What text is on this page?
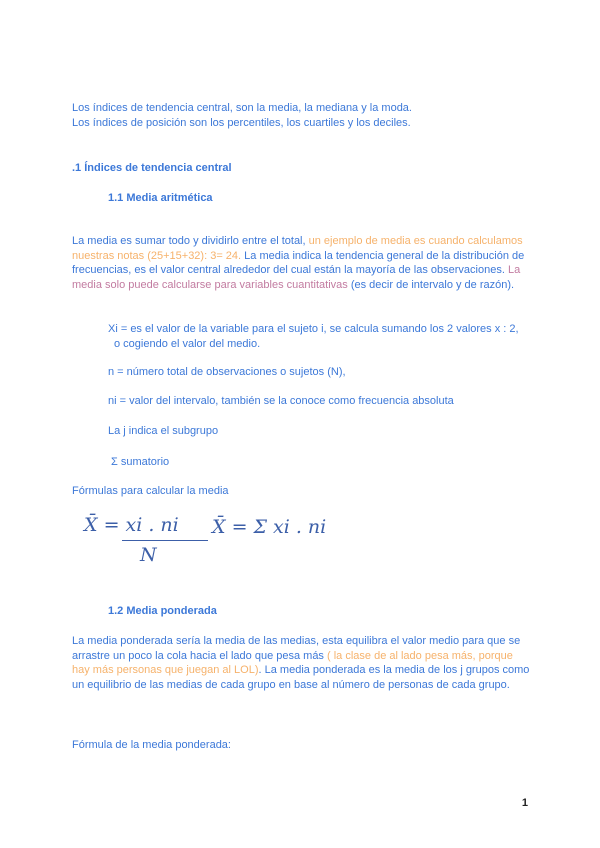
Los índices de tendencia central, son la media, la mediana y la moda.

Los índices de posición son los percentiles, los cuartiles y los deciles.

.1 Índices de tendencia central

1.1 Media aritmética

La media es sumar todo y dividirlo entre el total, un ejemplo de media es cuando calculamos nuestras notas (25+15+32): 3= 24. La media indica la tendencia general de la distribución de frecuencias, es el valor central alrededor del cual están la mayoría de las observaciones. La media solo puede calcularse para variables cuantitativas (es decir de intervalo y de razón).

Xi = es el valor de la variable para el sujeto i, se calcula sumando los 2 valores x : 2,

o cogiendo el valor del medio.

n = número total de observaciones o sujetos (N),

ni = valor del intervalo, también se la conoce como frecuencia absoluta

La j indica el subgrupo

Σ sumatorio

Fórmulas para calcular la media

X̄ = xi . ni
N
X̄ = Σ xi . ni

1.2 Media ponderada

La media ponderada sería la media de las medias, esta equilibra el valor medio para que se arrastre un poco la cola hacia el lado que pesa más ( la clase de al lado pesa más, porque hay más personas que juegan al LOL). La media ponderada es la media de los j grupos como un equilibrio de las medias de cada grupo en base al número de personas de cada grupo.

Fórmula de la media ponderada:

1
